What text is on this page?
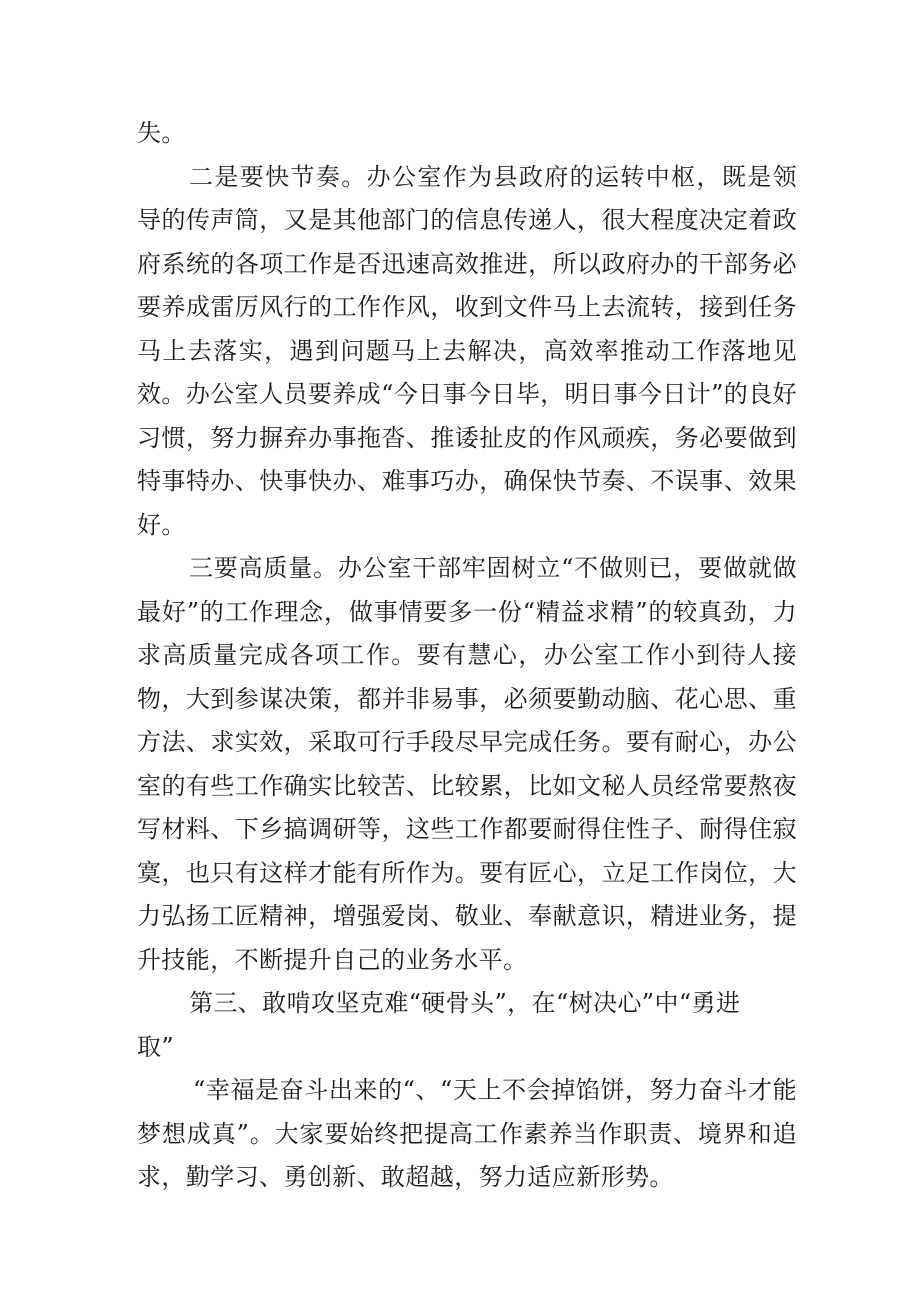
失。

二是要快节奏。办公室作为县政府的运转中枢，既是领导的传声筒，又是其他部门的信息传递人，很大程度决定着政府系统的各项工作是否迅速高效推进，所以政府办的干部务必要养成雷厉风行的工作作风，收到文件马上去流转，接到任务马上去落实，遇到问题马上去解决，高效率推动工作落地见效。办公室人员要养成“今日事今日毕，明日事今日计”的良好习惯，努力摒弃办事拖沓、推诿扯皮的作风顽疾，务必要做到特事特办、快事快办、难事巧办，确保快节奏、不误事、效果好。

三要高质量。办公室干部牢固树立“不做则已，要做就做最好”的工作理念，做事情要多一份“精益求精”的较真劲，力求高质量完成各项工作。要有慧心，办公室工作小到待人接物，大到参谋决策，都并非易事，必须要勤动脑、花心思、重方法、求实效，采取可行手段尽早完成任务。要有耐心，办公室的有些工作确实比较苦、比较累，比如文秘人员经常要熬夜写材料、下乡搞调研等，这些工作都要耐得住性子、耐得住寂寞，也只有这样才能有所作为。要有匠心，立足工作岗位，大力弘扬工匠精神，增强爱岗、敬业、奉献意识，精进业务，提升技能，不断提升自己的业务水平。

第三、敢啃攻坚克难“硬骨头”，在“树决心”中“勇进取”

“幸福是奋斗出来的“、“天上不会掉馅饼，努力奋斗才能梦想成真”。大家要始终把提高工作素养当作职责、境界和追求，勤学习、勇创新、敢超越，努力适应新形势。
